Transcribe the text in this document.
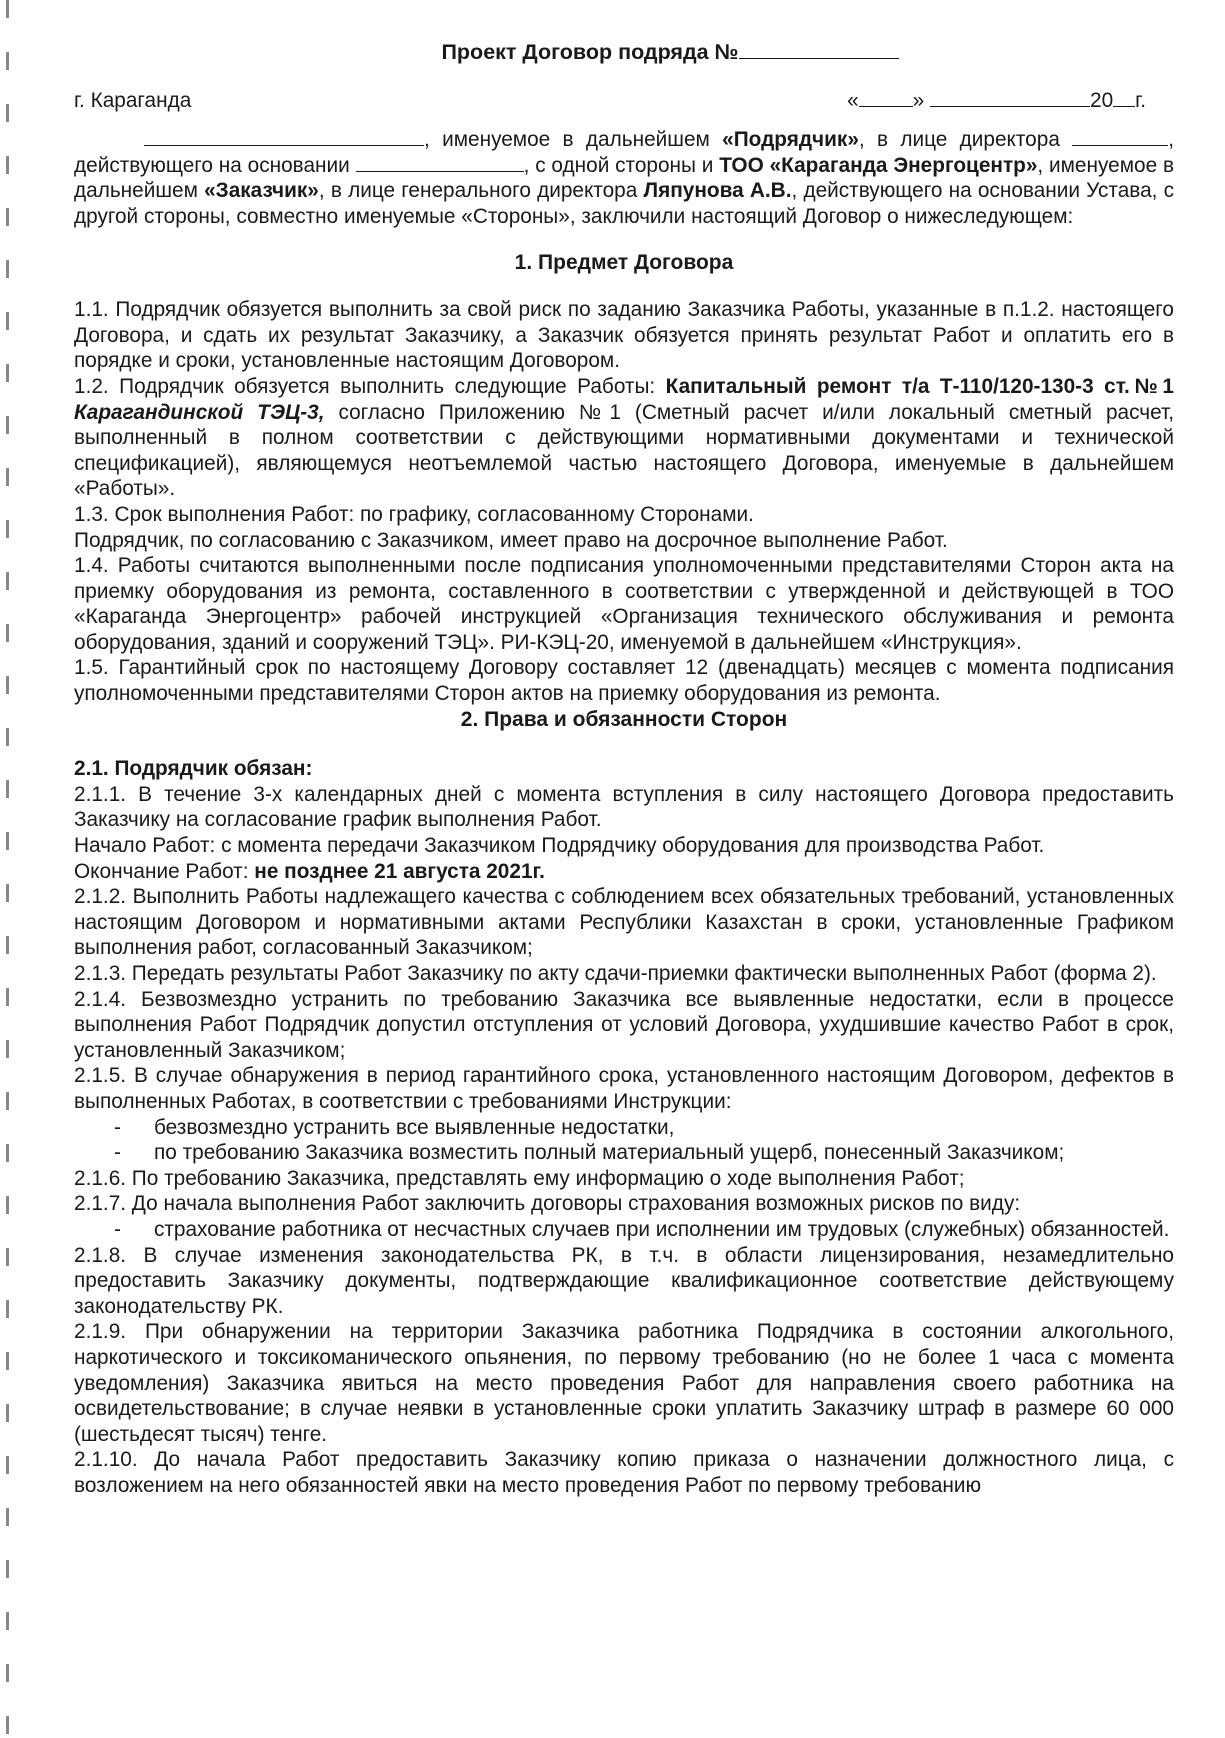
Проект Договор подряда №
г. Караганда	«	»	20 г.

, именуемое в дальнейшем «Подрядчик», в лице директора	, действующего на основании	, с одной стороны и ТОО «Караганда Энергоцентр», именуемое в дальнейшем «Заказчик», в лице генерального директора Ляпунова А.В., действующего на основании Устава, с другой стороны, совместно именуемые «Стороны», заключили настоящий Договор о нижеследующем:

1. Предмет Договора

1.1. Подрядчик обязуется выполнить за свой риск по заданию Заказчика Работы, указанные в п.1.2. настоящего Договора, и сдать их результат Заказчику, а Заказчик обязуется принять результат Работ и оплатить его в порядке и сроки, установленные настоящим Договором.

1.2. Подрядчик обязуется выполнить следующие Работы: Капитальный ремонт т/а Т-110/120-130-3 ст.№1 Карагандинской ТЭЦ-3, согласно Приложению №1 (Сметный расчет и/или локальный сметный расчет, выполненный в полном соответствии с действующими нормативными документами и технической спецификацией), являющемуся неотъемлемой частью настоящего Договора, именуемые в дальнейшем «Работы».

1.3. Срок выполнения Работ: по графику, согласованному Сторонами.

Подрядчик, по согласованию с Заказчиком, имеет право на досрочное выполнение Работ.

1.4. Работы считаются выполненными после подписания уполномоченными представителями Сторон акта на приемку оборудования из ремонта, составленного в соответствии с утвержденной и действующей в ТОО «Караганда Энергоцентр» рабочей инструкцией «Организация технического обслуживания и ремонта оборудования, зданий и сооружений ТЭЦ». РИ-КЭЦ-20, именуемой в дальнейшем «Инструкция».

1.5. Гарантийный срок по настоящему Договору составляет 12 (двенадцать) месяцев с момента подписания уполномоченными представителями Сторон актов на приемку оборудования из ремонта.

2. Права и обязанности Сторон

2.1. Подрядчик обязан:

2.1.1. В течение 3-х календарных дней с момента вступления в силу настоящего Договора предоставить Заказчику на согласование график выполнения Работ.

Начало Работ: с момента передачи Заказчиком Подрядчику оборудования для производства Работ.

Окончание Работ: не позднее 21 августа 2021г.

2.1.2. Выполнить Работы надлежащего качества с соблюдением всех обязательных требований, установленных настоящим Договором и нормативными актами Республики Казахстан в сроки, установленные Графиком выполнения работ, согласованный Заказчиком;

2.1.3. Передать результаты Работ Заказчику по акту сдачи-приемки фактически выполненных Работ (форма 2).

2.1.4. Безвозмездно устранить по требованию Заказчика все выявленные недостатки, если в процессе выполнения Работ Подрядчик допустил отступления от условий Договора, ухудшившие качество Работ в срок, установленный Заказчиком;

2.1.5. В случае обнаружения в период гарантийного срока, установленного настоящим Договором, дефектов в выполненных Работах, в соответствии с требованиями Инструкции:

-	безвозмездно устранить все выявленные недостатки,
-	по требованию Заказчика возместить полный материальный ущерб, понесенный Заказчиком;

2.1.6. По требованию Заказчика, представлять ему информацию о ходе выполнения Работ;

2.1.7. До начала выполнения Работ заключить договоры страхования возможных рисков по виду:

-	страхование работника от несчастных случаев при исполнении им трудовых (служебных) обязанностей.

2.1.8. В случае изменения законодательства РК, в т.ч. в области лицензирования, незамедлительно предоставить Заказчику документы, подтверждающие квалификационное соответствие действующему законодательству РК.

2.1.9. При обнаружении на территории Заказчика работника Подрядчика в состоянии алкогольного, наркотического и токсикоманического опьянения, по первому требованию (но не более 1 часа с момента уведомления) Заказчика явиться на место проведения Работ для направления своего работника на освидетельствование; в случае неявки в установленные сроки уплатить Заказчику штраф в размере 60 000 (шестьдесят тысяч) тенге.

2.1.10. До начала Работ предоставить Заказчику копию приказа о назначении должностного лица, с возложением на него обязанностей явки на место проведения Работ по первому требованию
